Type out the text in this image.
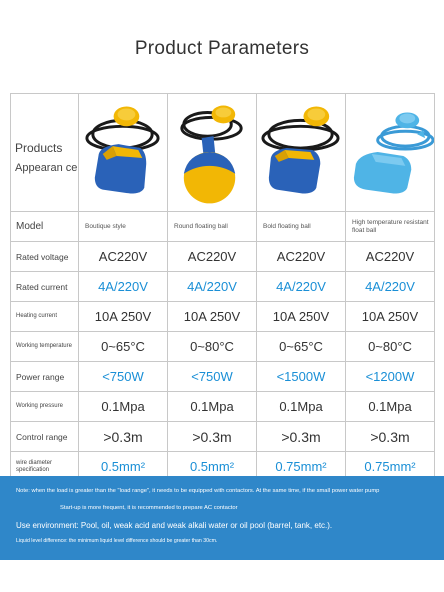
Product Parameters
Products
Appearan ce

Model	Boutique style	Round floating ball	Bold floating ball	High temperature resistant float ball
Rated voltage	AC220V	AC220V	AC220V	AC220V
Rated current	4A/220V	4A/220V	4A/220V	4A/220V
Heating current	10A 250V	10A 250V	10A 250V	10A 250V
Working temperature	0~65°C	0~80°C	0~65°C	0~80°C
Power range	<750W	<750W	<1500W	<1200W
Working pressure	0.1Mpa	0.1Mpa	0.1Mpa	0.1Mpa
Control range	>0.3m	>0.3m	>0.3m	>0.3m
wire diameter specification	0.5mm²	0.5mm²	0.75mm²	0.75mm²
Note: when the load is greater than the "load range", it needs to be equipped with contactors. At the same time, if the small power water pump
Start-up is more frequent, it is recommended to prepare AC contactor
Use environment: Pool, oil, weak acid and weak alkali water or oil pool (barrel, tank, etc.).
Liquid level difference: the minimum liquid level difference should be greater than 30cm.
